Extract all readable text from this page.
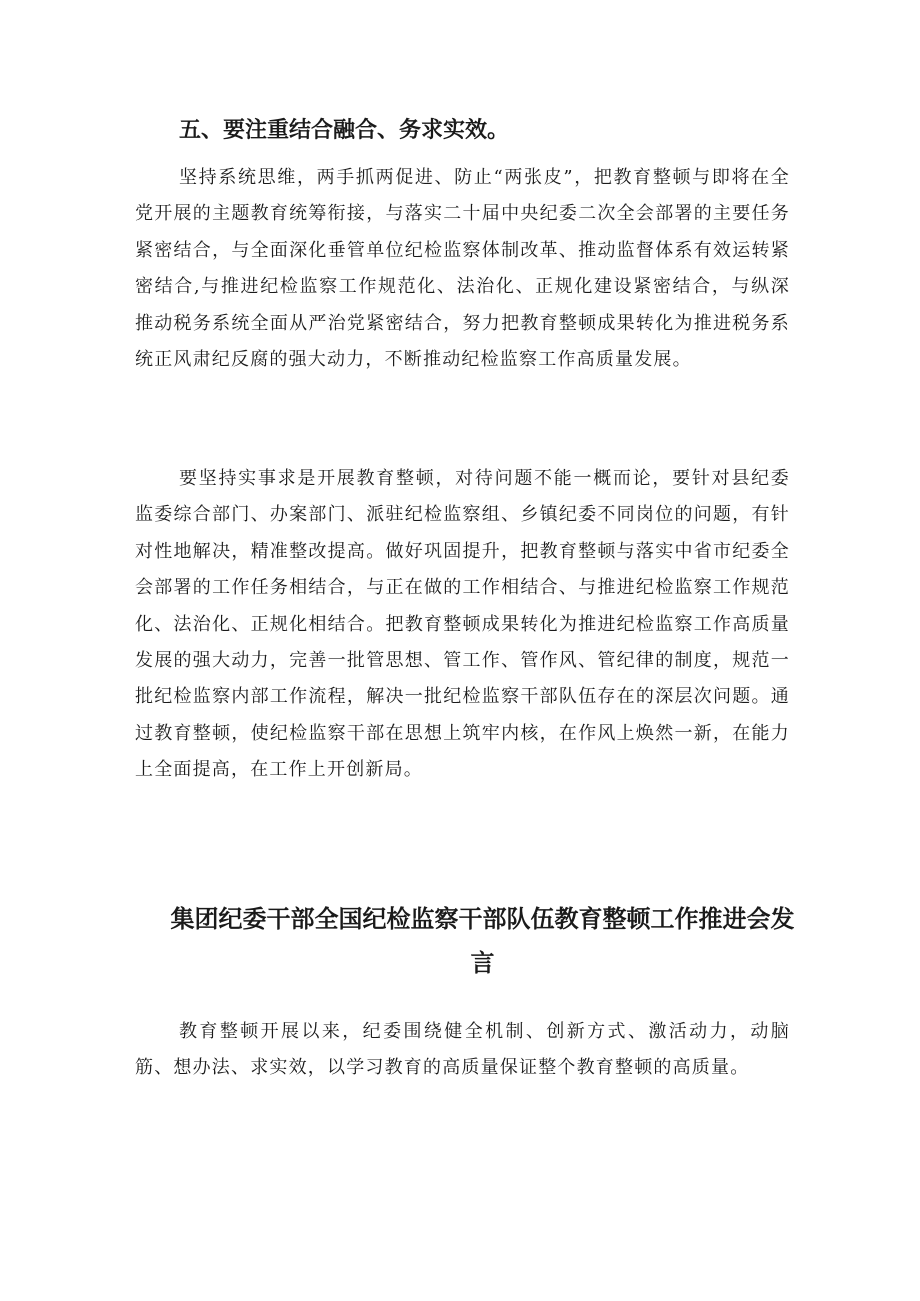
五、要注重结合融合、务求实效。

坚持系统思维，两手抓两促进、防止“两张皮”，把教育整顿与即将在全党开展的主题教育统筹衔接，与落实二十届中央纪委二次全会部署的主要任务紧密结合，与全面深化垂管单位纪检监察体制改革、推动监督体系有效运转紧密结合,与推进纪检监察工作规范化、法治化、正规化建设紧密结合，与纵深推动税务系统全面从严治党紧密结合，努力把教育整顿成果转化为推进税务系统正风肃纪反腐的强大动力，不断推动纪检监察工作高质量发展。

要坚持实事求是开展教育整顿，对待问题不能一概而论，要针对县纪委监委综合部门、办案部门、派驻纪检监察组、乡镇纪委不同岗位的问题，有针对性地解决，精准整改提高。做好巩固提升，把教育整顿与落实中省市纪委全会部署的工作任务相结合，与正在做的工作相结合、与推进纪检监察工作规范化、法治化、正规化相结合。把教育整顿成果转化为推进纪检监察工作高质量发展的强大动力，完善一批管思想、管工作、管作风、管纪律的制度，规范一批纪检监察内部工作流程，解决一批纪检监察干部队伍存在的深层次问题。通过教育整顿，使纪检监察干部在思想上筑牢内核，在作风上焕然一新，在能力上全面提高，在工作上开创新局。

集团纪委干部全国纪检监察干部队伍教育整顿工作推进会发言

教育整顿开展以来，纪委围绕健全机制、创新方式、激活动力，动脑筋、想办法、求实效，以学习教育的高质量保证整个教育整顿的高质量。
